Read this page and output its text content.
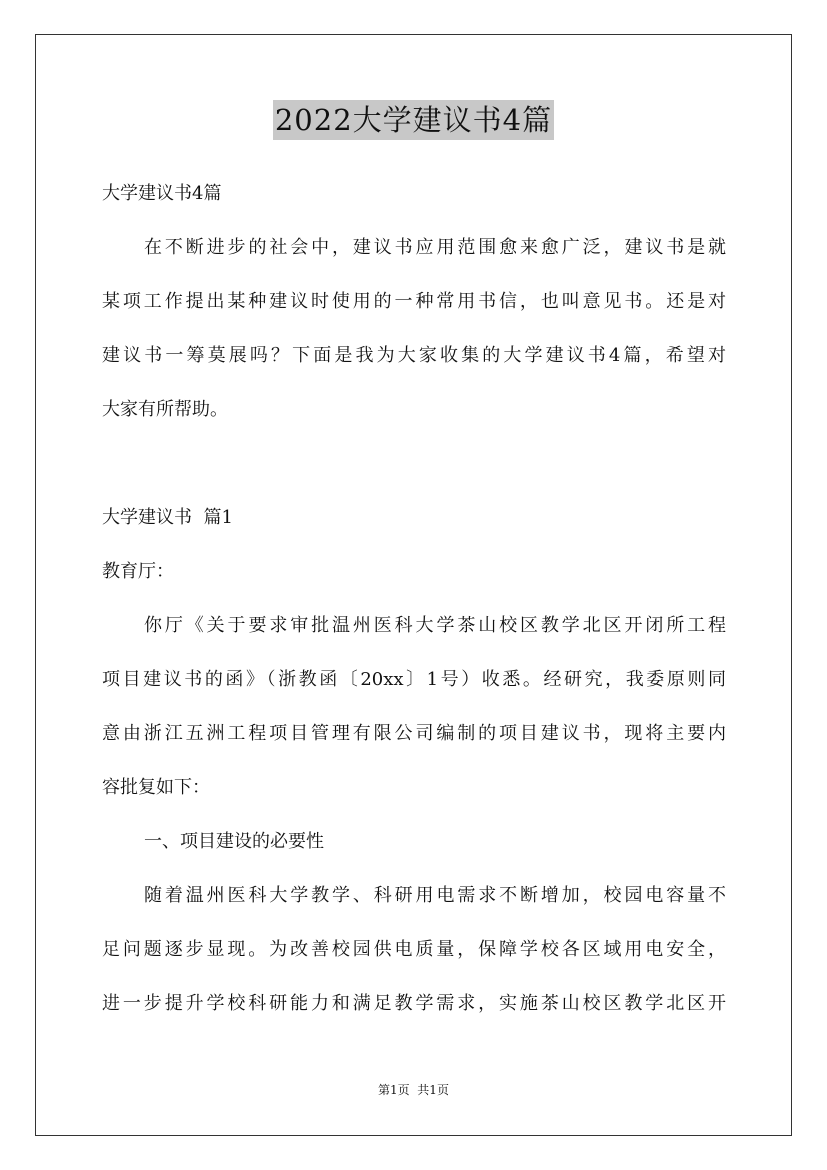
2022大学建议书4篇
大学建议书4篇
在不断进步的社会中，建议书应用范围愈来愈广泛，建议书是就
某项工作提出某种建议时使用的一种常用书信，也叫意见书。还是对
建议书一筹莫展吗？下面是我为大家收集的大学建议书4篇，希望对
大家有所帮助。
大学建议书  篇1
教育厅：
你厅《关于要求审批温州医科大学茶山校区教学北区开闭所工程
项目建议书的函》（浙教函〔20xx〕1号）收悉。经研究，我委原则同
意由浙江五洲工程项目管理有限公司编制的项目建议书，现将主要内
容批复如下：
一、项目建设的必要性
随着温州医科大学教学、科研用电需求不断增加，校园电容量不
足问题逐步显现。为改善校园供电质量，保障学校各区域用电安全，
进一步提升学校科研能力和满足教学需求，实施茶山校区教学北区开
第1页  共1页
